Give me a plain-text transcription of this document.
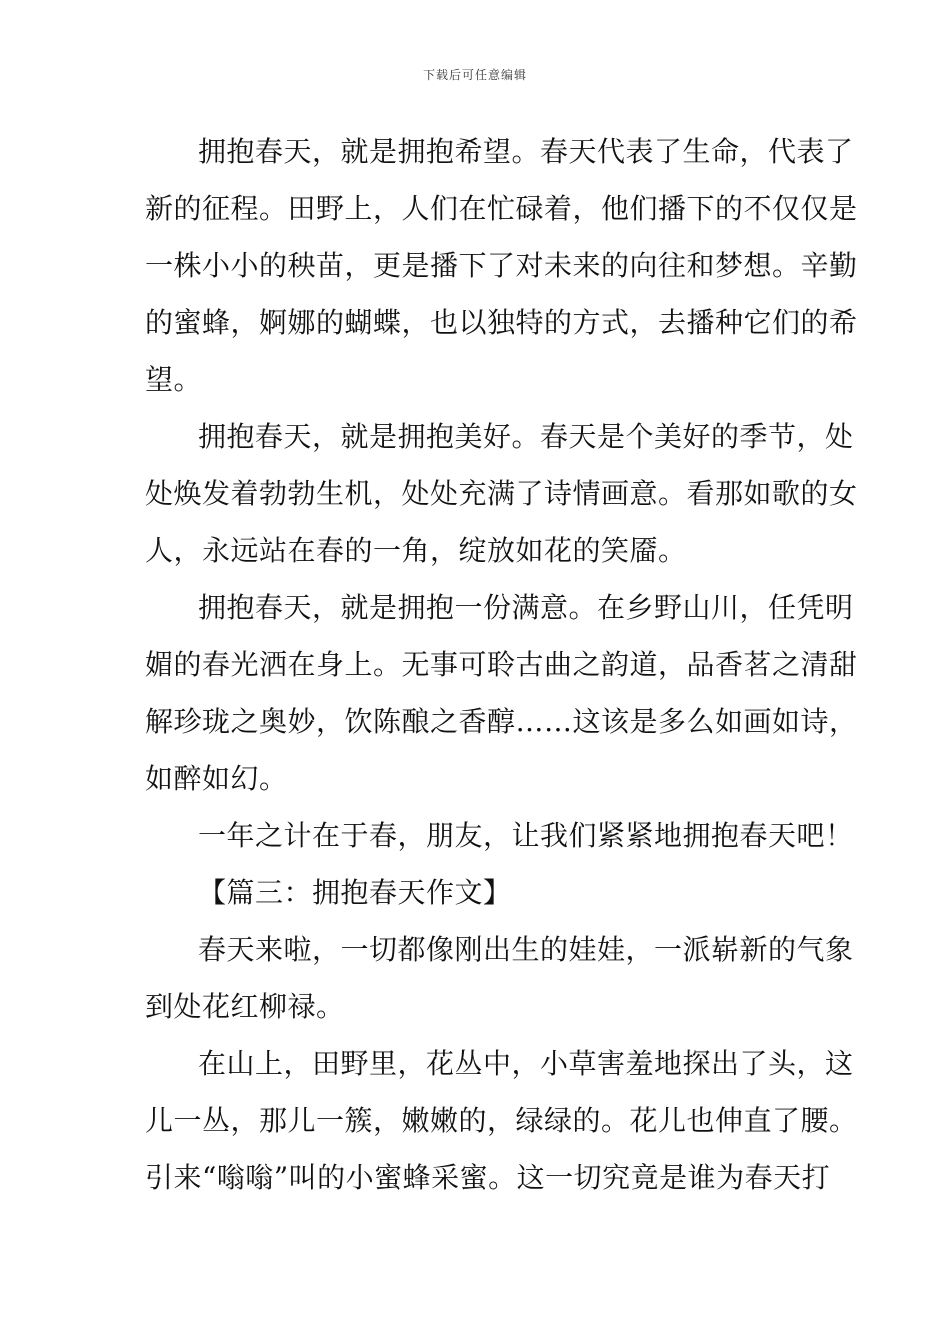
下载后可任意编辑
拥抱春天，就是拥抱希望。春天代表了生命，代表了
新的征程。田野上，人们在忙碌着，他们播下的不仅仅是
一株小小的秧苗，更是播下了对未来的向往和梦想。辛勤
的蜜蜂，婀娜的蝴蝶，也以独特的方式，去播种它们的希
望。
拥抱春天，就是拥抱美好。春天是个美好的季节，处
处焕发着勃勃生机，处处充满了诗情画意。看那如歌的女
人，永远站在春的一角，绽放如花的笑靥。
拥抱春天，就是拥抱一份满意。在乡野山川，任凭明
媚的春光洒在身上。无事可聆古曲之韵道，品香茗之清甜
解珍珑之奥妙，饮陈酿之香醇……这该是多么如画如诗，
如醉如幻。
一年之计在于春，朋友，让我们紧紧地拥抱春天吧！
【篇三：拥抱春天作文】
春天来啦，一切都像刚出生的娃娃，一派崭新的气象
到处花红柳禄。
在山上，田野里，花丛中，小草害羞地探出了头，这
儿一丛，那儿一簇，嫩嫩的，绿绿的。花儿也伸直了腰。
引来“嗡嗡”叫的小蜜蜂采蜜。这一切究竟是谁为春天打
